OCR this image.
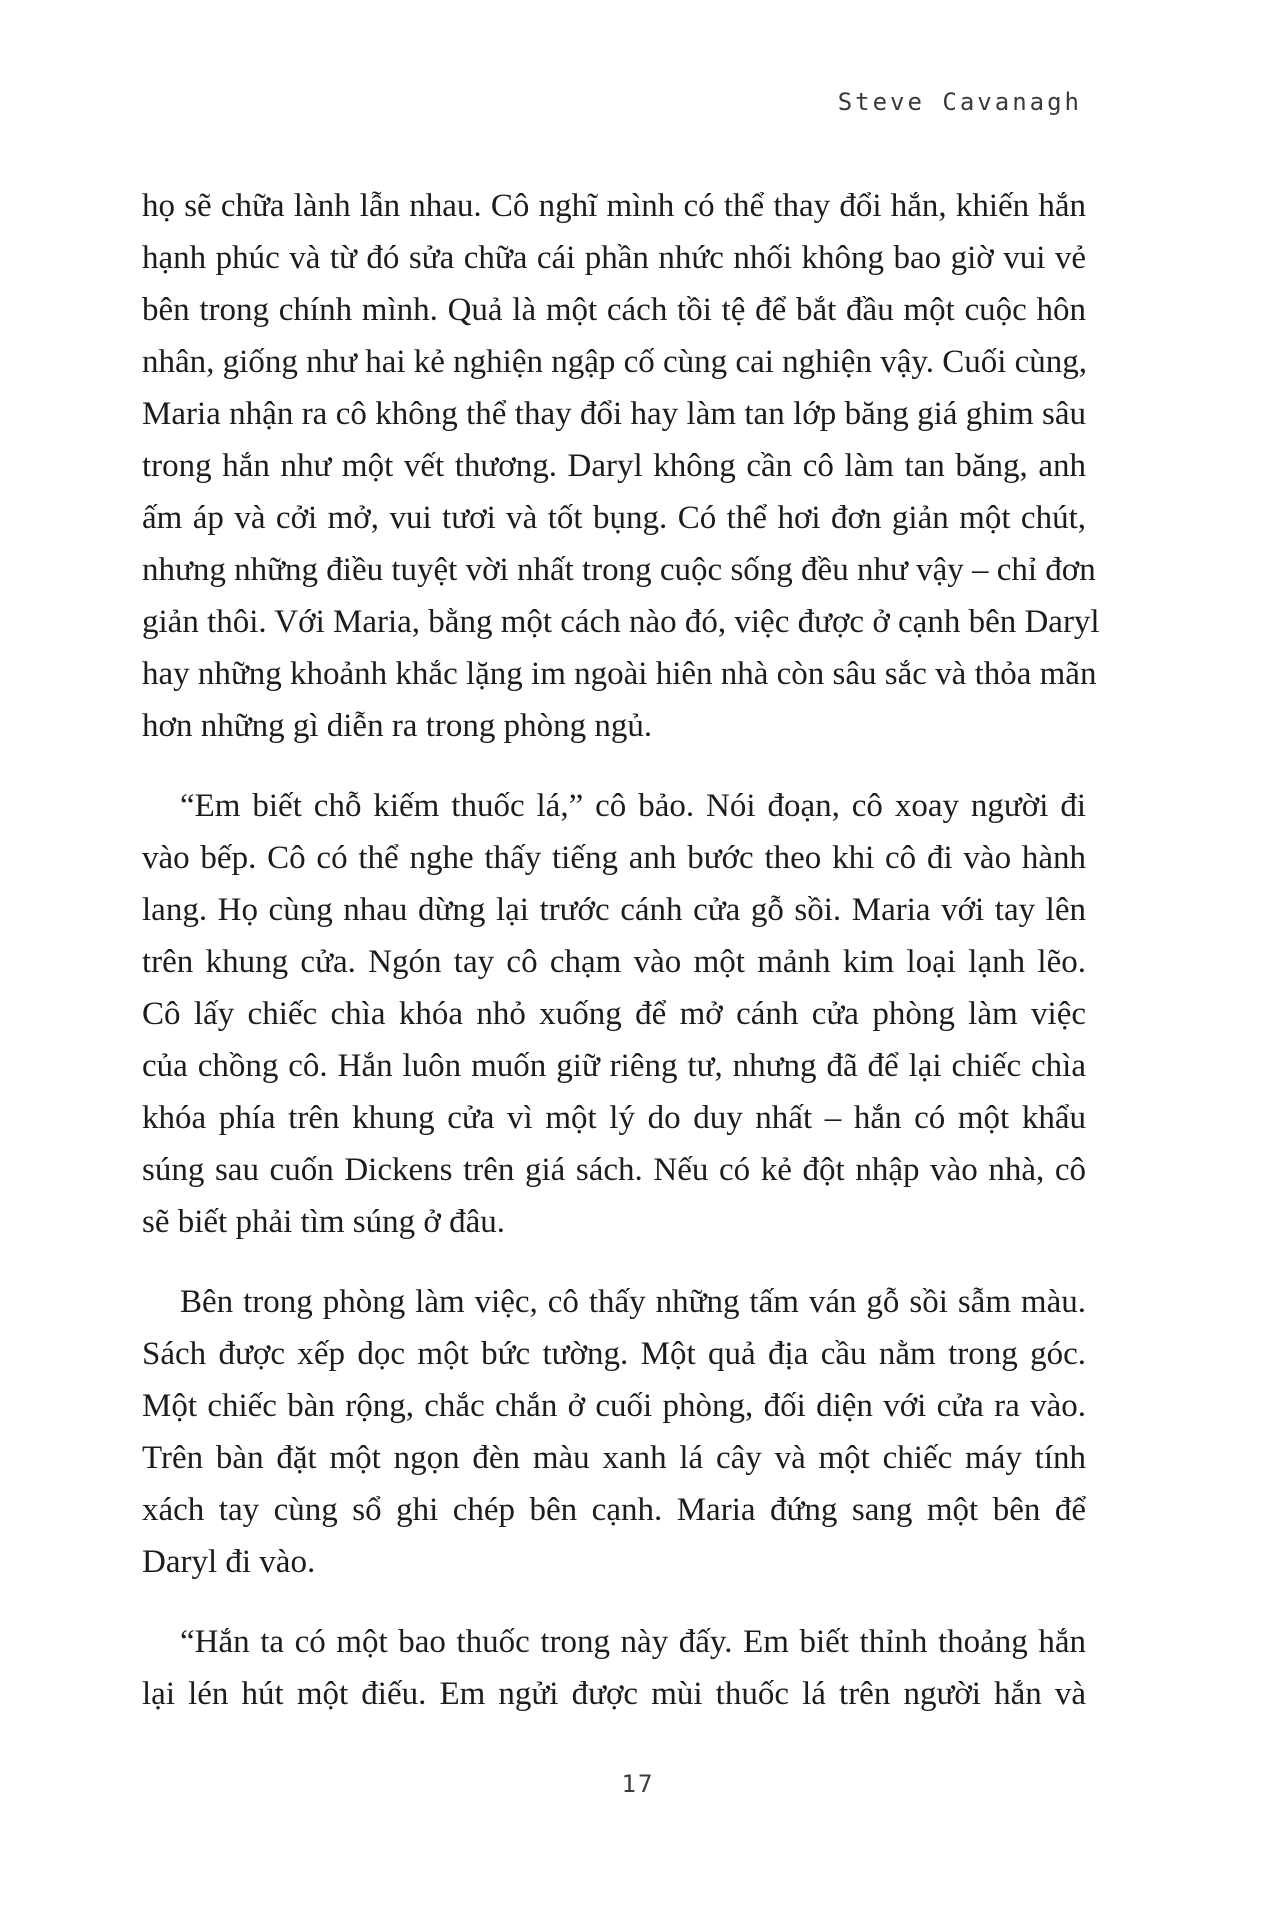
Steve Cavanagh

họ sẽ chữa lành lẫn nhau. Cô nghĩ mình có thể thay đổi hắn, khiến hắn
hạnh phúc và từ đó sửa chữa cái phần nhức nhối không bao giờ vui vẻ
bên trong chính mình. Quả là một cách tồi tệ để bắt đầu một cuộc hôn
nhân, giống như hai kẻ nghiện ngập cố cùng cai nghiện vậy. Cuối cùng,
Maria nhận ra cô không thể thay đổi hay làm tan lớp băng giá ghim sâu
trong hắn như một vết thương. Daryl không cần cô làm tan băng, anh
ấm áp và cởi mở, vui tươi và tốt bụng. Có thể hơi đơn giản một chút,
nhưng những điều tuyệt vời nhất trong cuộc sống đều như vậy – chỉ đơn
giản thôi. Với Maria, bằng một cách nào đó, việc được ở cạnh bên Daryl
hay những khoảnh khắc lặng im ngoài hiên nhà còn sâu sắc và thỏa mãn
hơn những gì diễn ra trong phòng ngủ.

“Em biết chỗ kiếm thuốc lá,” cô bảo. Nói đoạn, cô xoay người đi
vào bếp. Cô có thể nghe thấy tiếng anh bước theo khi cô đi vào hành
lang. Họ cùng nhau dừng lại trước cánh cửa gỗ sồi. Maria với tay lên
trên khung cửa. Ngón tay cô chạm vào một mảnh kim loại lạnh lẽo.
Cô lấy chiếc chìa khóa nhỏ xuống để mở cánh cửa phòng làm việc
của chồng cô. Hắn luôn muốn giữ riêng tư, nhưng đã để lại chiếc chìa
khóa phía trên khung cửa vì một lý do duy nhất – hắn có một khẩu
súng sau cuốn Dickens trên giá sách. Nếu có kẻ đột nhập vào nhà, cô
sẽ biết phải tìm súng ở đâu.

Bên trong phòng làm việc, cô thấy những tấm ván gỗ sồi sẫm màu.
Sách được xếp dọc một bức tường. Một quả địa cầu nằm trong góc.
Một chiếc bàn rộng, chắc chắn ở cuối phòng, đối diện với cửa ra vào.
Trên bàn đặt một ngọn đèn màu xanh lá cây và một chiếc máy tính
xách tay cùng sổ ghi chép bên cạnh. Maria đứng sang một bên để
Daryl đi vào.

“Hắn ta có một bao thuốc trong này đấy. Em biết thỉnh thoảng hắn
lại lén hút một điếu. Em ngửi được mùi thuốc lá trên người hắn và

17
